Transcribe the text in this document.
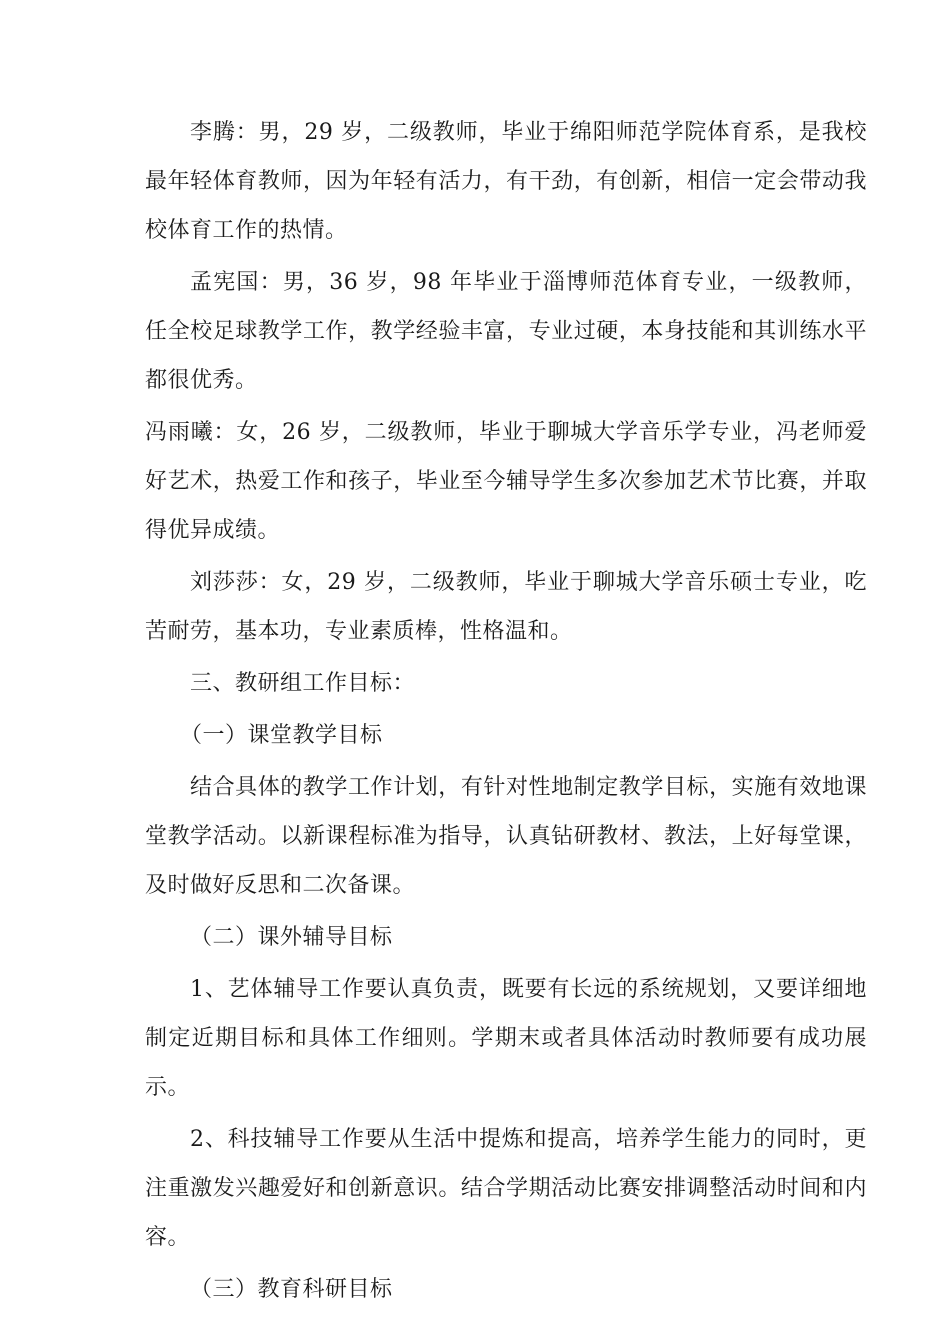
李腾：男，29 岁，二级教师，毕业于绵阳师范学院体育系，是我校最年轻体育教师，因为年轻有活力，有干劲，有创新，相信一定会带动我校体育工作的热情。

孟宪国：男，36 岁，98 年毕业于淄博师范体育专业，一级教师，任全校足球教学工作，教学经验丰富，专业过硬，本身技能和其训练水平都很优秀。

冯雨曦：女，26 岁，二级教师，毕业于聊城大学音乐学专业，冯老师爱好艺术，热爱工作和孩子，毕业至今辅导学生多次参加艺术节比赛，并取得优异成绩。

刘莎莎：女，29 岁，二级教师，毕业于聊城大学音乐硕士专业，吃苦耐劳，基本功，专业素质棒，性格温和。

三、教研组工作目标：

（一）课堂教学目标

结合具体的教学工作计划，有针对性地制定教学目标，实施有效地课堂教学活动。以新课程标准为指导，认真钻研教材、教法，上好每堂课，及时做好反思和二次备课。

（二）课外辅导目标

1、艺体辅导工作要认真负责，既要有长远的系统规划，又要详细地制定近期目标和具体工作细则。学期末或者具体活动时教师要有成功展示。

2、科技辅导工作要从生活中提炼和提高，培养学生能力的同时，更注重激发兴趣爱好和创新意识。结合学期活动比赛安排调整活动时间和内容。

（三）教育科研目标
